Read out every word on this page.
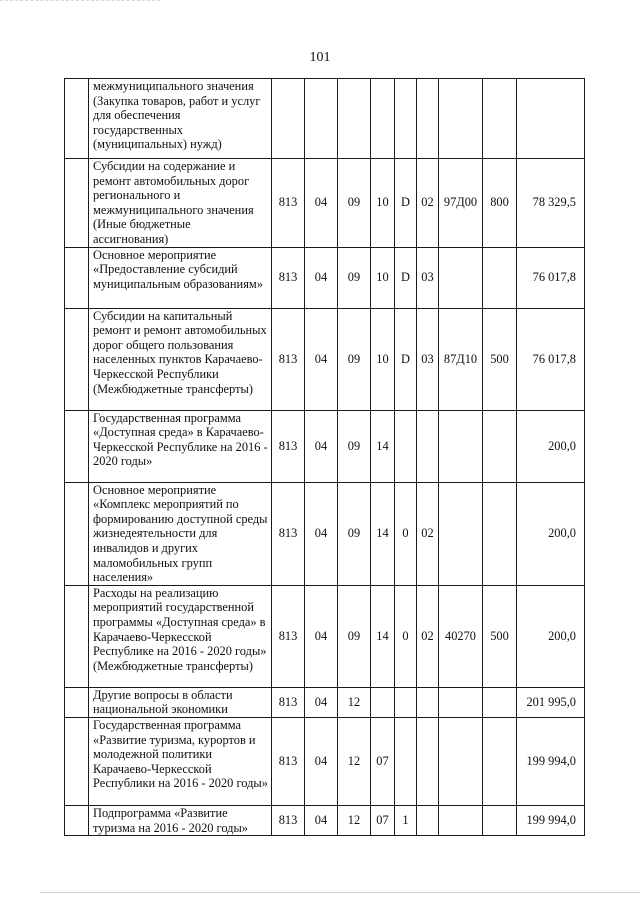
101
	межмуниципального значения (Закупка товаров, работ и услуг для обеспечения государственных (муниципальных) нужд)									
	Субсидии на содержание и ремонт автомобильных дорог регионального и межмуниципального значения (Иные бюджетные ассигнования)	813	04	09	10	D	02	97Д00	800	78 329,5
	Основное мероприятие «Предоставление субсидий муниципальным образованиям»	813	04	09	10	D	03			76 017,8
	Субсидии на капитальный ремонт и ремонт автомобильных дорог общего пользования населенных пунктов Карачаево-Черкесской Республики (Межбюджетные трансферты)	813	04	09	10	D	03	87Д10	500	76 017,8
	Государственная программа «Доступная среда» в Карачаево-Черкесской Республике на 2016 - 2020 годы»	813	04	09	14					200,0
	Основное мероприятие «Комплекс мероприятий по формированию доступной среды жизнедеятельности для инвалидов и других маломобильных групп населения»	813	04	09	14	0	02			200,0
	Расходы на реализацию мероприятий государственной программы «Доступная среда» в Карачаево-Черкесской Республике на 2016 - 2020 годы» (Межбюджетные трансферты)	813	04	09	14	0	02	40270	500	200,0
	Другие вопросы в области национальной экономики	813	04	12						201 995,0
	Государственная программа «Развитие туризма, курортов и молодежной политики Карачаево-Черкесской Республики на 2016 - 2020 годы»	813	04	12	07					199 994,0
	Подпрограмма «Развитие туризма на 2016 - 2020 годы»	813	04	12	07	1				199 994,0
